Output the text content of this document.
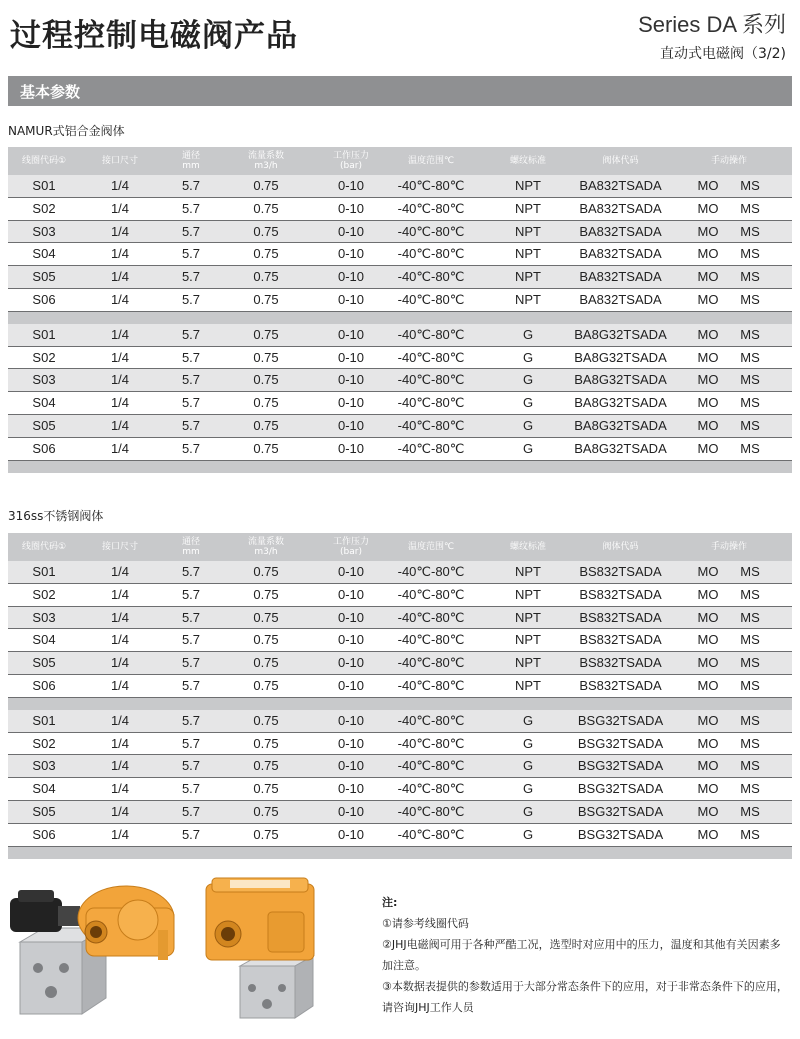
过程控制电磁阀产品	Series DA 系列
直动式电磁阀（3/2)
基本参数
NAMUR式铝合金阀体
线圈代码①	接口尺寸	通径
mm
流量系数
m3/h
工作压力
(bar)	温度范围℃	螺纹标准	阀体代码	手动操作
S01	1/4	5.7	0.75	0-10	-40℃-80℃	NPT	BA832TSADA	MO	MS
S02	1/4	5.7	0.75	0-10	-40℃-80℃	NPT	BA832TSADA	MO	MS
S03	1/4	5.7	0.75	0-10	-40℃-80℃	NPT	BA832TSADA	MO	MS
S04	1/4	5.7	0.75	0-10	-40℃-80℃	NPT	BA832TSADA	MO	MS
S05	1/4	5.7	0.75	0-10	-40℃-80℃	NPT	BA832TSADA	MO	MS
S06	1/4	5.7	0.75	0-10	-40℃-80℃	NPT	BA832TSADA	MO	MS
S01	1/4	5.7	0.75	0-10	-40℃-80℃	G	BA8G32TSADA	MO	MS
S02	1/4	5.7	0.75	0-10	-40℃-80℃	G	BA8G32TSADA	MO	MS
S03	1/4	5.7	0.75	0-10	-40℃-80℃	G	BA8G32TSADA	MO	MS
S04	1/4	5.7	0.75	0-10	-40℃-80℃	G	BA8G32TSADA	MO	MS
S05	1/4	5.7	0.75	0-10	-40℃-80℃	G	BA8G32TSADA	MO	MS
S06	1/4	5.7	0.75	0-10	-40℃-80℃	G	BA8G32TSADA	MO	MS
316ss不锈钢阀体
线圈代码①	接口尺寸	通径
mm
流量系数
m3/h
工作压力
(bar)	温度范围℃	螺纹标准	阀体代码	手动操作
S01	1/4	5.7	0.75	0-10	-40℃-80℃	NPT	BS832TSADA	MO	MS
S02	1/4	5.7	0.75	0-10	-40℃-80℃	NPT	BS832TSADA	MO	MS
S03	1/4	5.7	0.75	0-10	-40℃-80℃	NPT	BS832TSADA	MO	MS
S04	1/4	5.7	0.75	0-10	-40℃-80℃	NPT	BS832TSADA	MO	MS
S05	1/4	5.7	0.75	0-10	-40℃-80℃	NPT	BS832TSADA	MO	MS
S06	1/4	5.7	0.75	0-10	-40℃-80℃	NPT	BS832TSADA	MO	MS
S01	1/4	5.7	0.75	0-10	-40℃-80℃	G	BSG32TSADA	MO	MS
S02	1/4	5.7	0.75	0-10	-40℃-80℃	G	BSG32TSADA	MO	MS
S03	1/4	5.7	0.75	0-10	-40℃-80℃	G	BSG32TSADA	MO	MS
S04	1/4	5.7	0.75	0-10	-40℃-80℃	G	BSG32TSADA	MO	MS
S05	1/4	5.7	0.75	0-10	-40℃-80℃	G	BSG32TSADA	MO	MS
S06	1/4	5.7	0.75	0-10	-40℃-80℃	G	BSG32TSADA	MO	MS
注:
①请参考线圈代码
②JHJ电磁阀可用于各种严酷工况，选型时对应用中的压力，温度和其他有关因素多加注意。
③本数据表提供的参数适用于大部分常态条件下的应用，对于非常态条件下的应用，请咨询JHJ工作人员
